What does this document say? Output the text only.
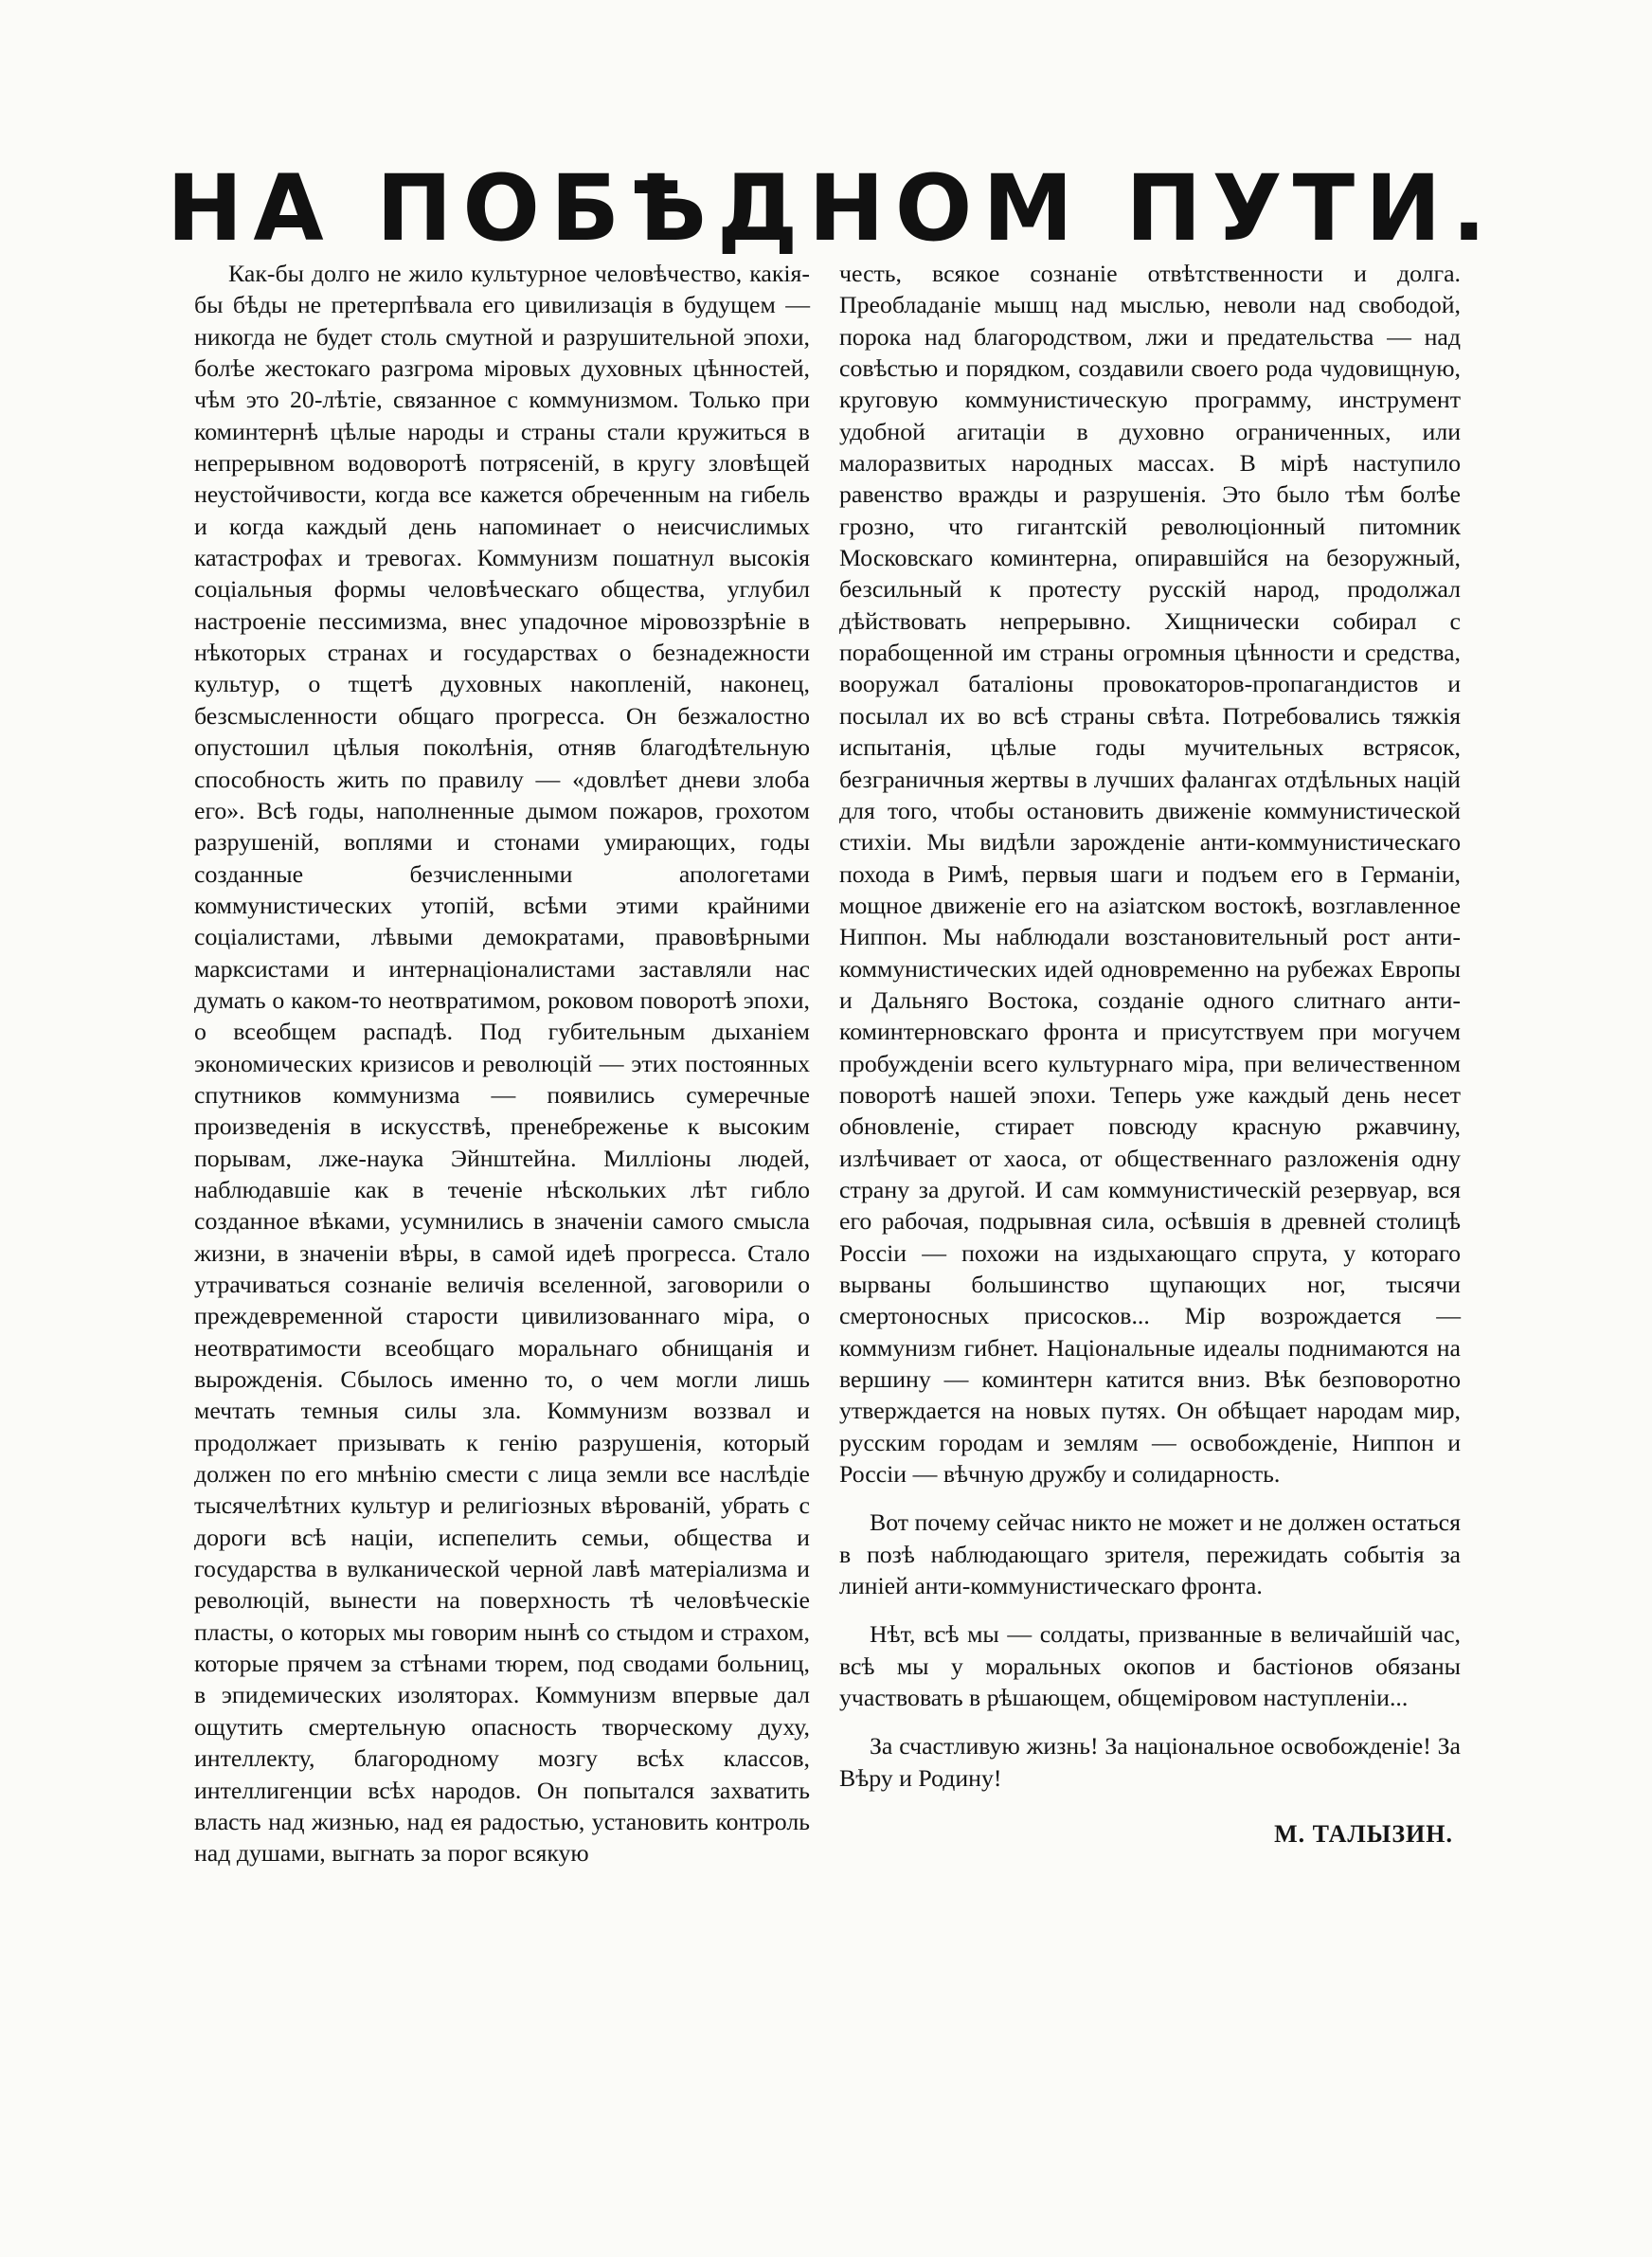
НА ПОБѢДНОМ ПУТИ.

Как-бы долго не жило культурное человѣчество, какія-бы бѣды не претерпѣвала его цивилизація в будущем — никогда не будет столь смутной и разрушительной эпохи, болѣе жестокаго разгрома міровых духовных цѣнностей, чѣм это 20-лѣтіе, связанное с коммунизмом. Только при коминтернѣ цѣлые народы и страны стали кружиться в непрерывном водоворотѣ потрясеній, в кругу зловѣщей неустойчивости, когда все кажется обреченным на гибель и когда каждый день напоминает о неисчислимых катастрофах и тревогах. Коммунизм пошатнул высокія соціальныя формы человѣческаго общества, углубил настроеніе пессимизма, внес упадочное міровоззрѣніе в нѣкоторых странах и государствах о безнадежности культур, о тщетѣ духовных накопленій, наконец, безсмысленности общаго прогресса. Он безжалостно опустошил цѣлыя поколѣнія, отняв благодѣтельную способность жить по правилу — «довлѣет дневи злоба его». Всѣ годы, наполненные дымом пожаров, грохотом разрушеній, воплями и стонами умирающих, годы созданные безчисленными апологетами коммунистических утопій, всѣми этими крайними соціалистами, лѣвыми демократами, правовѣрными марксистами и интернаціоналистами заставляли нас думать о каком-то неотвратимом, роковом поворотѣ эпохи, о всеобщем распадѣ. Под губительным дыханіем экономических кризисов и революцій — этих постоянных спутников коммунизма — появились сумеречные произведенія в искусствѣ, пренебреженье к высоким порывам, лже-наука Эйнштейна. Милліоны людей, наблюдавшіе как в теченіе нѣскольких лѣт гибло созданное вѣками, усумнились в значеніи самого смысла жизни, в значеніи вѣры, в самой идеѣ прогресса. Стало утрачиваться сознаніе величія вселенной, заговорили о преждевременной старости цивилизованнаго міра, о неотвратимости всеобщаго моральнаго обнищанія и вырожденія. Сбылось именно то, о чем могли лишь мечтать темныя силы зла. Коммунизм воззвал и продолжает призывать к генію разрушенія, который должен по его мнѣнію смести с лица земли все наслѣдіе тысячелѣтних культур и религіозных вѣрованій, убрать с дороги всѣ націи, испепелить семьи, общества и государства в вулканической черной лавѣ матеріализма и революцій, вынести на поверхность тѣ человѣческіе пласты, о которых мы говорим нынѣ со стыдом и страхом, которые прячем за стѣнами тюрем, под сводами больниц, в эпидемических изоляторах. Коммунизм впервые дал ощутить смертельную опасность творческому духу, интеллекту, благородному мозгу всѣх классов, интеллигенции всѣх народов. Он попытался захватить власть над жизнью, над ея радостью, установить контроль над душами, выгнать за порог всякую

честь, всякое сознаніе отвѣтственности и долга. Преобладаніе мышц над мыслью, неволи над свободой, порока над благородством, лжи и предательства — над совѣстью и порядком, создавили своего рода чудовищную, круговую коммунистическую программу, инструмент удобной агитаціи в духовно ограниченных, или малоразвитых народных массах. В мірѣ наступило равенство вражды и разрушенія. Это было тѣм болѣе грозно, что гигантскій революціонный питомник Московскаго коминтерна, опиравшійся на безоружный, безсильный к протесту русскій народ, продолжал дѣйствовать непрерывно. Хищнически собирал с порабощенной им страны огромныя цѣнности и средства, вооружал баталіоны провокаторов-пропагандистов и посылал их во всѣ страны свѣта. Потребовались тяжкія испытанія, цѣлые годы мучительных встрясок, безграничныя жертвы в лучших фалангах отдѣльных націй для того, чтобы остановить движеніе коммунистической стихіи. Мы видѣли зарожденіе анти-коммунистическаго похода в Римѣ, первыя шаги и подъем его в Германіи, мощное движеніе его на азіатском востокѣ, возглавленное Ниппон. Мы наблюдали возстановительный рост анти-коммунистических идей одновременно на рубежах Европы и Дальняго Востока, созданіе одного слитнаго анти-коминтерновскаго фронта и присутствуем при могучем пробужденіи всего культурнаго міра, при величественном поворотѣ нашей эпохи. Теперь уже каждый день несет обновленіе, стирает повсюду красную ржавчину, излѣчивает от хаоса, от общественнаго разложенія одну страну за другой. И сам коммунистическій резервуар, вся его рабочая, подрывная сила, осѣвшія в древней столицѣ Россіи — похожи на издыхающаго спрута, у котораго вырваны большинство щупающих ног, тысячи смертоносных присосков... Мір возрождается — коммунизм гибнет. Національные идеалы поднимаются на вершину — коминтерн катится вниз. Вѣк безповоротно утверждается на новых путях. Он обѣщает народам мир, русским городам и землям — освобожденіе, Ниппон и Россіи — вѣчную дружбу и солидарность.

Вот почему сейчас никто не может и не должен остаться в позѣ наблюдающаго зрителя, пережидать событія за линіей анти-коммунистическаго фронта.

Нѣт, всѣ мы — солдаты, призванные в величайшій час, всѣ мы у моральных окопов и бастіонов обязаны участвовать в рѣшающем, общеміровом наступленіи...

За счастливую жизнь! За національное освобожденіе! За Вѣру и Родину!

М. ТАЛЫЗИН.
